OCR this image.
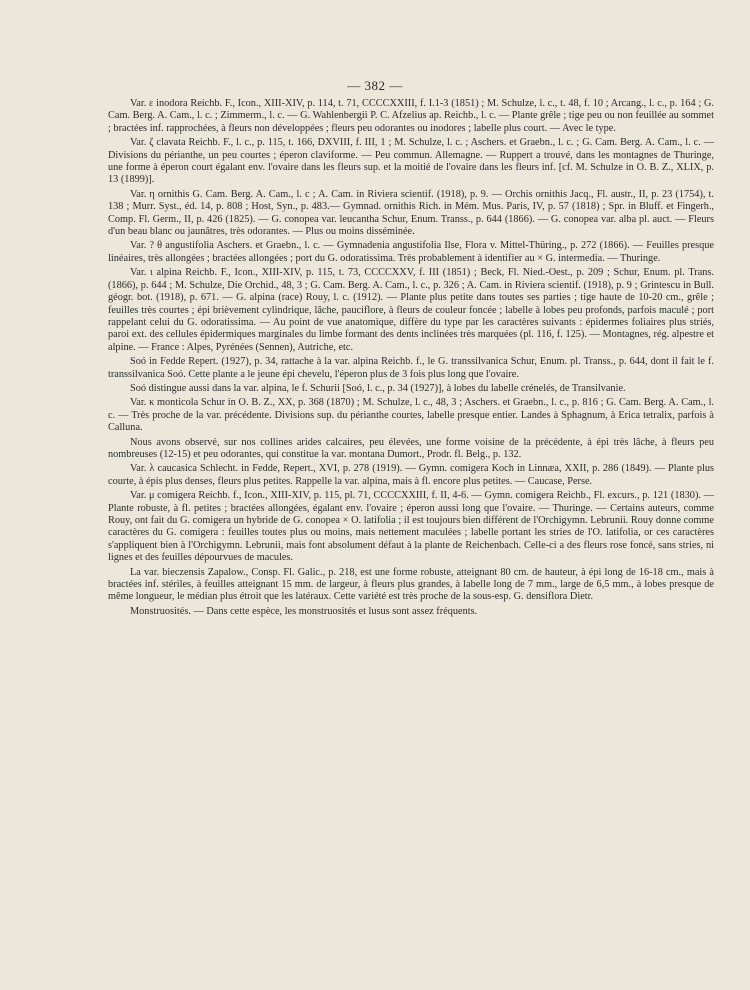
— 382 —

Var. ε inodora Reichb. F., Icon., XIII-XIV, p. 114, t. 71, CCCCXXIII, f. I.1-3 (1851) ; M. Schulze, l. c., t. 48, f. 10 ; Arcang., l. c., p. 164 ; G. Cam. Berg. A. Cam., l. c. ; Zimmerm., l. c. — G. Wahlenbergii P. C. Afzelius ap. Reichb., l. c. — Plante grêle ; tige peu ou non feuillée au sommet ; bractées inf. rapprochées, à fleurs non développées ; fleurs peu odorantes ou inodores ; labelle plus court. — Avec le type.

Var. ζ clavata Reichb. F., l. c., p. 115, t. 166, DXVIII, f. III, 1 ; M. Schulze, l. c. ; Aschers. et Graebn., l. c. ; G. Cam. Berg. A. Cam., l. c. — Divisions du périanthe, un peu courtes ; éperon claviforme. — Peu commun. Allemagne. — Ruppert a trouvé, dans les montagnes de Thuringe, une forme à éperon court égalant env. l'ovaire dans les fleurs sup. et la moitié de l'ovaire dans les fleurs inf. [cf. M. Schulze in O. B. Z., XLIX, p. 13 (1899)].

Var. η ornithis G. Cam. Berg. A. Cam., l. c ; A. Cam. in Riviera scientif. (1918), p. 9. — Orchis ornithis Jacq., Fl. austr., II, p. 23 (1754), t. 138 ; Murr. Syst., éd. 14, p. 808 ; Host, Syn., p. 483.— Gymnad. ornithis Rich. in Mém. Mus. Paris, IV, p. 57 (1818) ; Spr. in Bluff. et Fingerh., Comp. Fl. Germ., II, p. 426 (1825). — G. conopea var. leucantha Schur, Enum. Transs., p. 644 (1866). — G. conopea var. alba pl. auct. — Fleurs d'un beau blanc ou jaunâtres, très odorantes. — Plus ou moins disséminée.

Var. ? θ angustifolia Aschers. et Graebn., l. c. — Gymnadenia angustifolia Ilse, Flora v. Mittel-Thüring., p. 272 (1866). — Feuilles presque linéaires, très allongées ; bractées allongées ; port du G. odoratissima. Très probablement à identifier au × G. intermedia. — Thuringe.

Var. ι alpina Reichb. F., Icon., XIII-XIV, p. 115, t. 73, CCCCXXV, f. III (1851) ; Beck, Fl. Nied.-Oest., p. 209 ; Schur, Enum. pl. Trans. (1866), p. 644 ; M. Schulze, Die Orchid., 48, 3 ; G. Cam. Berg. A. Cam., l. c., p. 326 ; A. Cam. in Riviera scientif. (1918), p. 9 ; Grintescu in Bull. géogr. bot. (1918), p. 671. — G. alpina (race) Rouy, l. c. (1912). — Plante plus petite dans toutes ses parties ; tige haute de 10-20 cm., grêle ; feuilles très courtes ; épi brièvement cylindrique, lâche, pauciflore, à fleurs de couleur foncée ; labelle à lobes peu profonds, parfois maculé ; port rappelant celui du G. odoratissima. — Au point de vue anatomique, diffère du type par les caractères suivants : épidermes foliaires plus striés, paroi ext. des cellules épidermiques marginales du limbe formant des dents inclinées très marquées (pl. 116, f. 125). — Montagnes, rég. alpestre et alpine. — France : Alpes, Pyrénées (Sennen), Autriche, etc.

Soó in Fedde Repert. (1927), p. 34, rattache à la var. alpina Reichb. f., le G. transsilvanica Schur, Enum. pl. Transs., p. 644, dont il fait le f. transsilvanica Soó. Cette plante a le jeune épi chevelu, l'éperon plus de 3 fois plus long que l'ovaire.

Soó distingue aussi dans la var. alpina, le f. Schurii [Soó, l. c., p. 34 (1927)], à lobes du labelle crénelés, de Transilvanie.

Var. κ monticola Schur in O. B. Z., XX, p. 368 (1870) ; M. Schulze, l. c., 48, 3 ; Aschers. et Graebn., l. c., p. 816 ; G. Cam. Berg. A. Cam., l. c. — Très proche de la var. précédente. Divisions sup. du périanthe courtes, labelle presque entier. Landes à Sphagnum, à Erica tetralix, parfois à Calluna.

Nous avons observé, sur nos collines arides calcaires, peu élevées, une forme voisine de la précédente, à épi très lâche, à fleurs peu nombreuses (12-15) et peu odorantes, qui constitue la var. montana Dumort., Prodr. fl. Belg., p. 132.

Var. λ caucasica Schlecht. in Fedde, Repert., XVI, p. 278 (1919). — Gymn. comigera Koch in Linnæa, XXII, p. 286 (1849). — Plante plus courte, à épis plus denses, fleurs plus petites. Rappelle la var. alpina, mais à fl. encore plus petites. — Caucase, Perse.

Var. μ comigera Reichb. f., Icon., XIII-XIV, p. 115, pl. 71, CCCCXXIII, f. II, 4-6. — Gymn. comigera Reichb., Fl. excurs., p. 121 (1830). — Plante robuste, à fl. petites ; bractées allongées, égalant env. l'ovaire ; éperon aussi long que l'ovaire. — Thuringe. — Certains auteurs, comme Rouy, ont fait du G. comigera un hybride de G. conopea × O. latifolia ; il est toujours bien différent de l'Orchigymn. Lebrunii. Rouy donne comme caractères du G. comigera : feuilles toutes plus ou moins, mais nettement maculées ; labelle portant les stries de l'O. latifolia, or ces caractères s'appliquent bien à l'Orchigymn. Lebrunii, mais font absolument défaut à la plante de Reichenbach. Celle-ci a des fleurs rose foncé, sans stries, ni lignes et des feuilles dépourvues de macules.

La var. bieczensis Zapalow., Consp. Fl. Galic., p. 218, est une forme robuste, atteignant 80 cm. de hauteur, à épi long de 16-18 cm., mais à bractées inf. stériles, à feuilles atteignant 15 mm. de largeur, à fleurs plus grandes, à labelle long de 7 mm., large de 6,5 mm., à lobes presque de même longueur, le médian plus étroit que les latéraux. Cette variété est très proche de la sous-esp. G. densiflora Dietr.

Monstruosités. — Dans cette espèce, les monstruosités et lusus sont assez fréquents.
